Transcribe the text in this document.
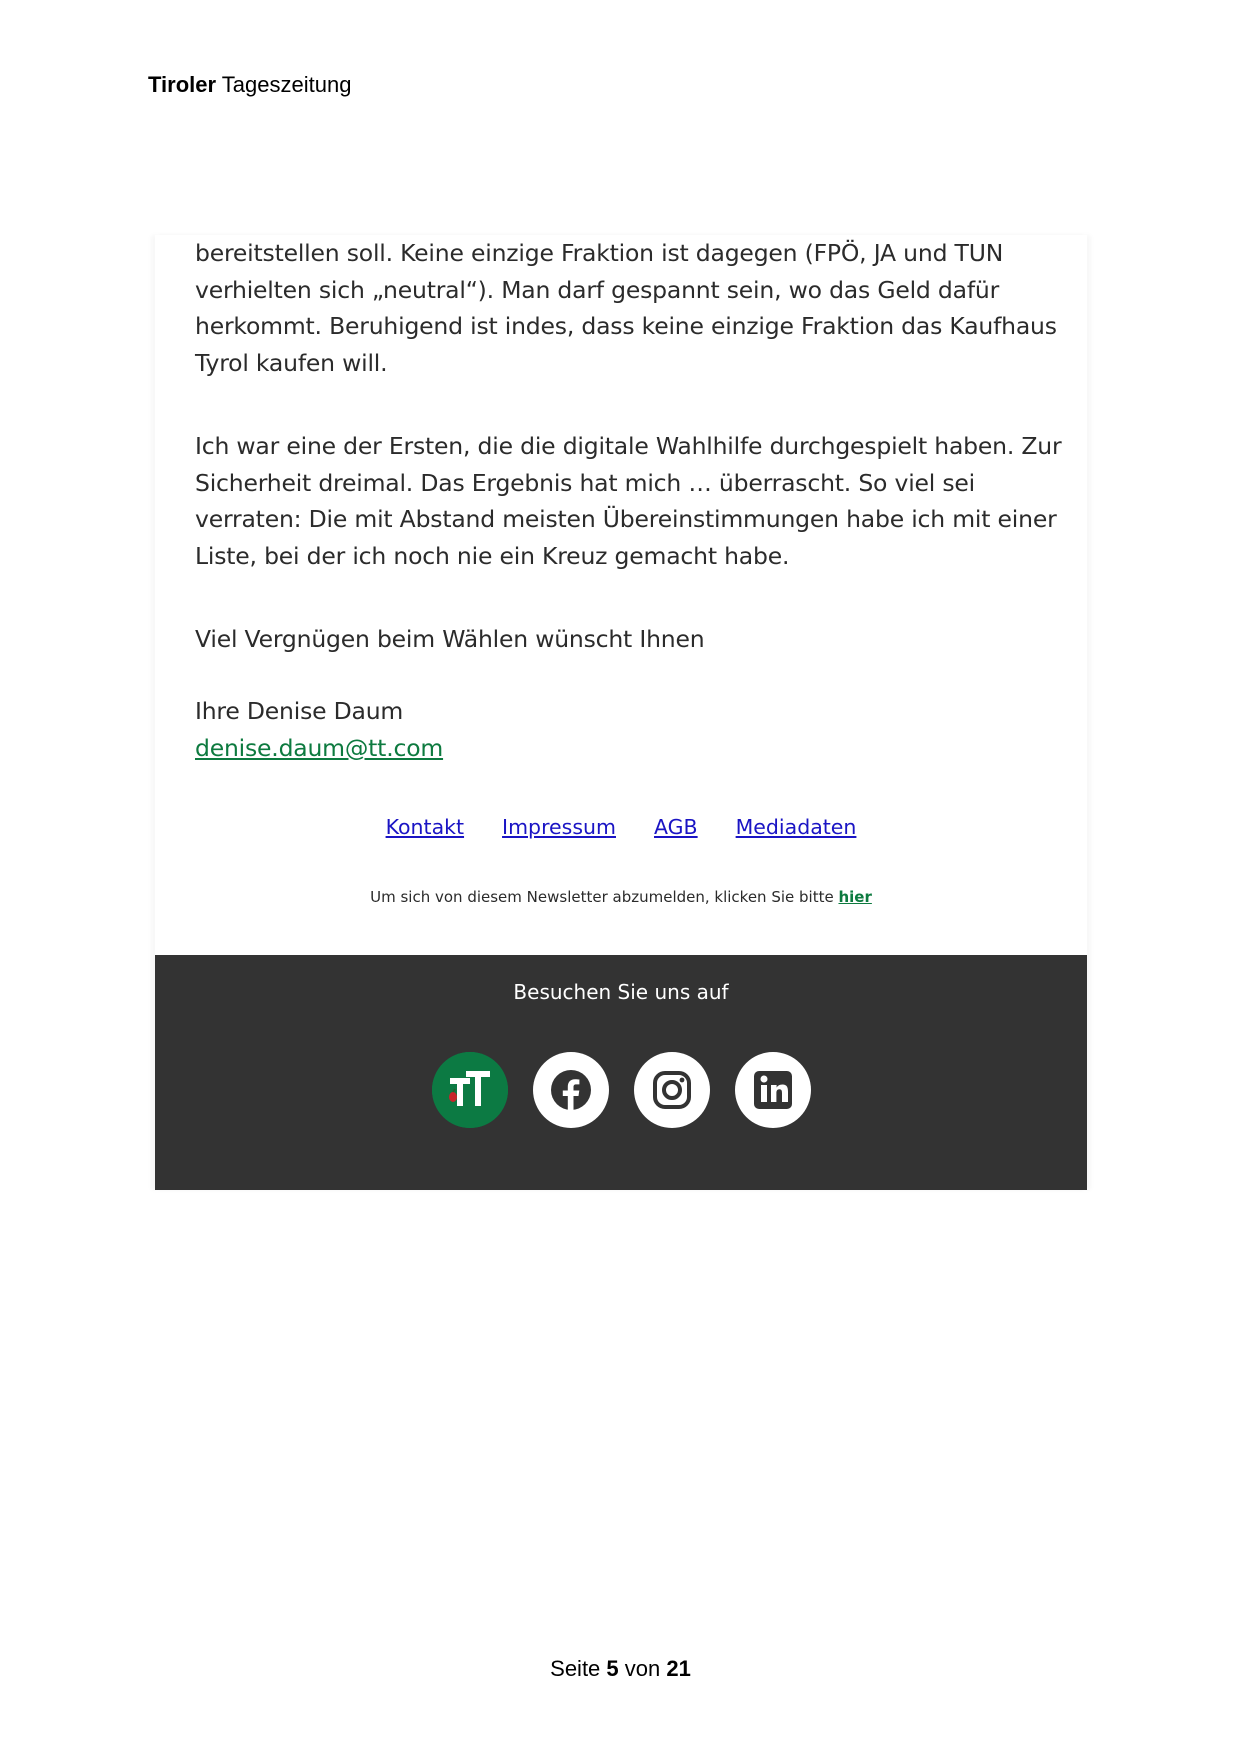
Tiroler Tageszeitung

bereitstellen soll. Keine einzige Fraktion ist dagegen (FPÖ, JA und TUN verhielten sich „neutral“). Man darf gespannt sein, wo das Geld dafür herkommt. Beruhigend ist indes, dass keine einzige Fraktion das Kaufhaus Tyrol kaufen will.

Ich war eine der Ersten, die die digitale Wahlhilfe durchgespielt haben. Zur Sicherheit dreimal. Das Ergebnis hat mich … überrascht. So viel sei verraten: Die mit Abstand meisten Übereinstimmungen habe ich mit einer Liste, bei der ich noch nie ein Kreuz gemacht habe.

Viel Vergnügen beim Wählen wünscht Ihnen

Ihre Denise Daum

denise.daum@tt.com
Kontakt Impressum AGB Mediadaten
Um sich von diesem Newsletter abzumelden, klicken Sie bitte hier
Besuchen Sie uns auf
Seite 5 von 21
